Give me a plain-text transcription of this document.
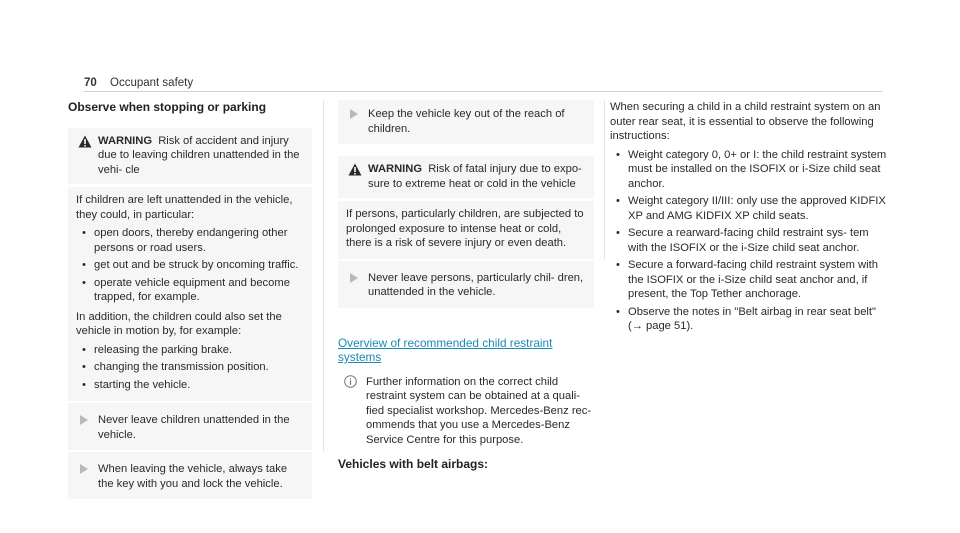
70 Occupant safety
Observe when stopping or parking
WARNING Risk of accident and injury due to leaving children unattended in the vehi- cle

If children are left unattended in the vehicle, they could, in particular:

• open doors, thereby endangering other persons or road users.
• get out and be struck by oncoming traffic.
• operate vehicle equipment and become trapped, for example.

In addition, the children could also set the vehicle in motion by, for example:

• releasing the parking brake.
• changing the transmission position.
• starting the vehicle.
Never leave children unattended in the vehicle.
When leaving the vehicle, always take the key with you and lock the vehicle.
Keep the vehicle key out of the reach of children.
WARNING Risk of fatal injury due to expo- sure to extreme heat or cold in the vehicle

If persons, particularly children, are subjected to prolonged exposure to intense heat or cold, there is a risk of severe injury or even death.

Never leave persons, particularly chil- dren, unattended in the vehicle.
Overview of recommended child restraint systems
Further information on the correct child restraint system can be obtained at a quali- fied specialist workshop. Mercedes-Benz rec- ommends that you use a Mercedes-Benz Service Centre for this purpose.
Vehicles with belt airbags:

When securing a child in a child restraint system on an outer rear seat, it is essential to observe the following instructions:

• Weight category 0, 0+ or I: the child restraint system must be installed on the ISOFIX or i-Size child seat anchor.
• Weight category II/III: only use the approved KIDFIX XP and AMG KIDFIX XP child seats.
• Secure a rearward-facing child restraint sys- tem with the ISOFIX or the i-Size child seat anchor.
• Secure a forward-facing child restraint system with the ISOFIX or the i-Size child seat anchor and, if present, the Top Tether anchorage.
• Observe the notes in "Belt airbag in rear seat belt" (→ page 51).
